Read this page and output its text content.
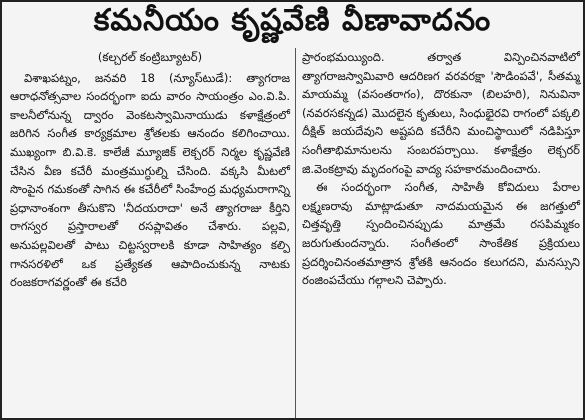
కమనీయం కృష్ణవేణి వీణావాదనం
(కల్చరల్ కంట్రిబ్యూటర్)
విశాఖపట్నం, జనవరి 18 (న్యూస్‌టుడే): త్యాగరాజ ఆరాధనోత్సవాల సందర్భంగా ఐదు వారం సాయంత్రం ఎం.వి.పి. కాలనీలోనున్న ద్వారం వెంకటస్వామినాయుడు కళాక్షేత్రంలో జరిగిన సంగీత కార్యక్రమాల శ్రోతలకు ఆనందం కలిగించాయి. ముఖ్యంగా బి.వి.కె. కాలేజీ మ్యూజిక్ లెక్చరర్ నిర్మల కృష్ణవేణి చేసిన వీణ కచేరీ మంత్రముగ్ధుల్ని చేసింది. వక్కసి మీటలో సొంపైన గమకంతో సాగిన ఈ కచేరీలో సింహేంద్ర మధ్యమరాగాన్ని ప్రధానాంశంగా తీసుకొని 'నీదయరాదా' అనే త్యాగరాజు కీర్తిని రాగస్వర ప్రస్తారాలతో రసప్లావితం చేశారు. పల్లవి, అనుపల్లవిలతో పాటు చిట్టస్వరాలకి కూడా సాహిత్యం కల్పి గానసరళిలో ఒక ప్రత్యేకత ఆపాదించుకున్న నాటకు రంజకరాగవర్ణంతో ఈ కచేరి
ప్రారంభమయ్యింది. తర్వాత విన్పించినవాటిలో త్యాగరాజస్వామివారి ఆదరిణగ వరవరక్షా 'సౌడింపవే', సీతమ్మ మాయమ్మ (వసంతరాగం), దొరకునా (బిలహరి), నినువినా (నవరసకన్నడ) మొదలైన కృతులు, సింధుభైరవి రాగంలో పక్కలి దీక్షిత్ జయదేవుని అష్టపది కచేరీని మంచిస్థాయిలో నడిపిస్తూ సంగీతాభిమానులను సంబరపర్చాయి. కళాక్షేత్రం లెక్చరర్ జి.వెంకట్రావు మృదంగంపై వాద్య సహకారమందించారు.
ఈ సందర్భంగా సంగీత, సాహితీ కోవిదులు పేరాల లక్ష్మణరావు మాట్లాడుతూ నాదమయమైన ఈ జగత్తులో చిత్తవృత్తి స్పందించినప్పుడు మాత్రమే రసపిమ్మకం జరుగుతుందన్నారు. సంగీతంలో సాంకేతిక ప్రక్రియలు ప్రదర్శించినంతమాత్రాన శ్రోతకి ఆనందం కలుగదని, మనస్సుని రంజింపచేయు గల్గాలని చెప్పారు.
